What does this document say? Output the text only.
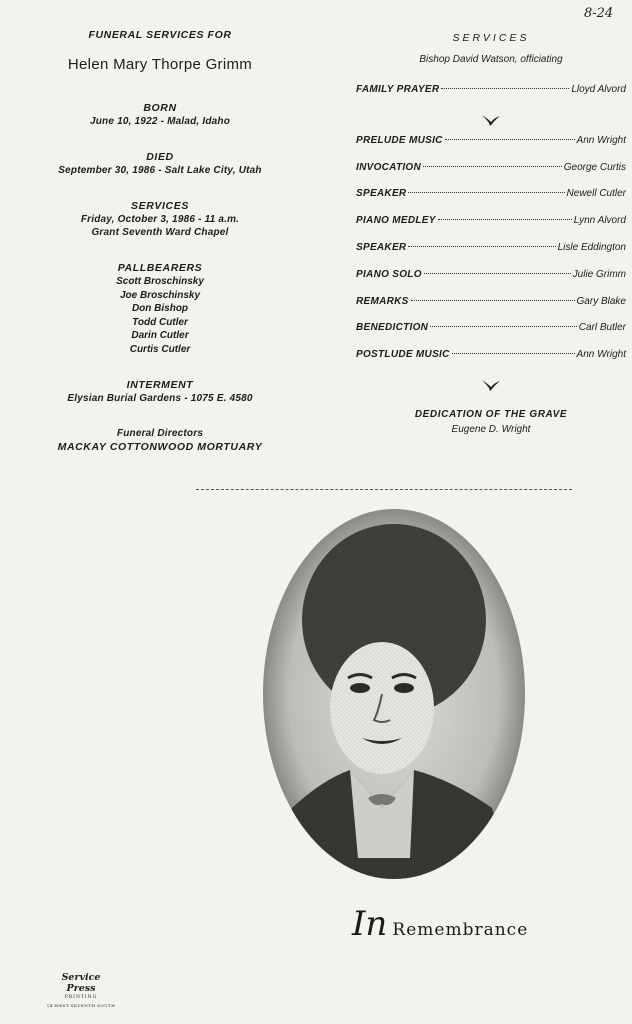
8-24
FUNERAL SERVICES FOR
Helen Mary Thorpe Grimm
BORN
June 10, 1922 - Malad, Idaho
DIED
September 30, 1986 - Salt Lake City, Utah
SERVICES
Friday, October 3, 1986 - 11 a.m.
Grant Seventh Ward Chapel
PALLBEARERS
Scott Broschinsky
Joe Broschinsky
Don Bishop
Todd Cutler
Darin Cutler
Curtis Cutler
INTERMENT
Elysian Burial Gardens - 1075 E. 4580
Funeral Directors
MACKAY COTTONWOOD MORTUARY
SERVICES
Bishop David Watson, officiating
FAMILY PRAYER	Lloyd Alvord
PRELUDE MUSIC	Ann Wright
INVOCATION	George Curtis
SPEAKER	Newell Cutler
PIANO MEDLEY	Lynn Alvord
SPEAKER	Lisle Eddington
PIANO SOLO	Julie Grimm
REMARKS	Gary Blake
BENEDICTION	Carl Butler
POSTLUDE MUSIC	Ann Wright
DEDICATION OF THE GRAVE
Eugene D. Wright
In Remembrance
Service Press
PRINTING
14 WEST SEVENTH SOUTH
